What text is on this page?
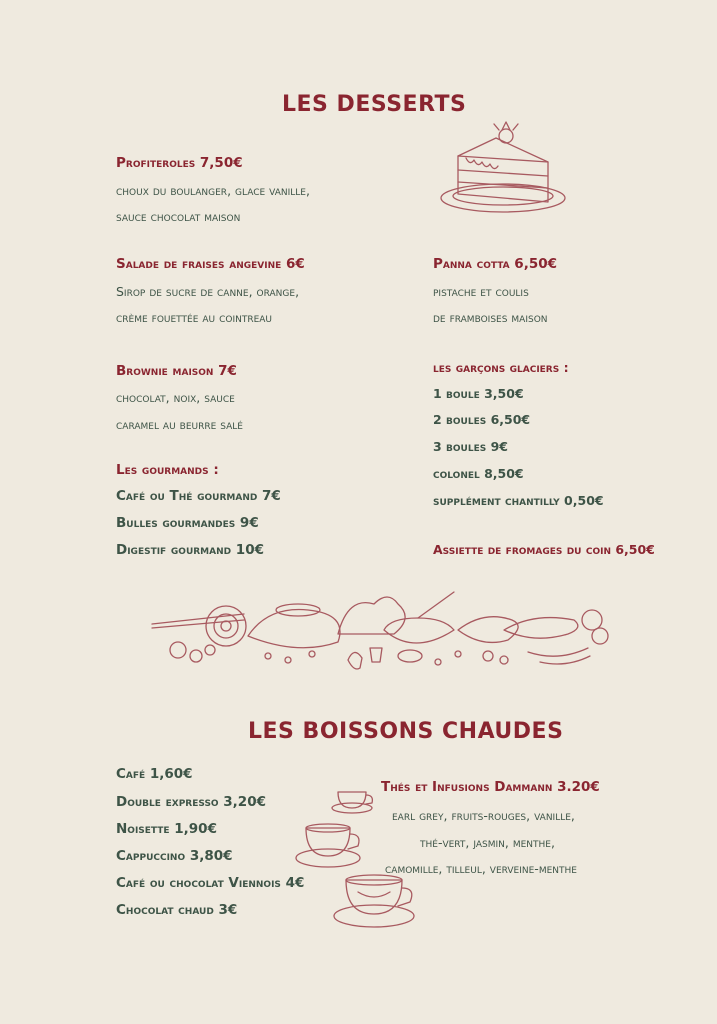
LES DESSERTS
Profiteroles 7,50€
choux du boulanger, glace vanille,
sauce chocolat maison
Salade de fraises angevine 6€
Sirop de sucre de canne, orange,
crème fouettée au cointreau
Brownie maison 7€
chocolat, noix, sauce
caramel au beurre salé
Les gourmands :
Café ou Thé gourmand 7€
Bulles gourmandes 9€
Digestif gourmand 10€
Panna cotta 6,50€
pistache et coulis
de framboises maison
les garçons glaciers :
1 boule 3,50€
2 boules 6,50€
3 boules 9€
colonel 8,50€
supplément chantilly 0,50€
Assiette de fromages du coin 6,50€
LES BOISSONS CHAUDES
Café 1,60€
Double expresso 3,20€
Noisette 1,90€
Cappuccino 3,80€
Café ou chocolat Viennois 4€
Chocolat chaud 3€
Thés et Infusions Dammann 3.20€
earl grey, fruits-rouges, vanille,
thé-vert, jasmin, menthe,
camomille, tilleul, verveine-menthe
